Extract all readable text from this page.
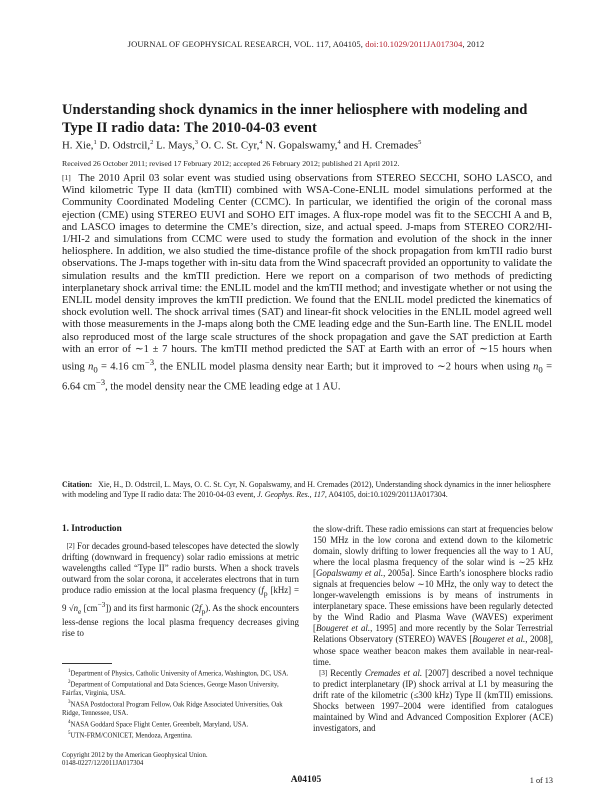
JOURNAL OF GEOPHYSICAL RESEARCH, VOL. 117, A04105, doi:10.1029/2011JA017304, 2012
Understanding shock dynamics in the inner heliosphere with modeling and Type II radio data: The 2010-04-03 event
H. Xie,$^1$ D. Odstrcil,$^2$ L. Mays,$^3$ O. C. St. Cyr,$^4$ N. Gopalswamy,$^4$ and H. Cremades$^5$
Received 26 October 2011; revised 17 February 2012; accepted 26 February 2012; published 21 April 2012.
[1] The 2010 April 03 solar event was studied using observations from STEREO SECCHI, SOHO LASCO, and Wind kilometric Type II data (kmTII) combined with WSA-Cone-ENLIL model simulations performed at the Community Coordinated Modeling Center (CCMC). In particular, we identified the origin of the coronal mass ejection (CME) using STEREO EUVI and SOHO EIT images. A flux-rope model was fit to the SECCHI A and B, and LASCO images to determine the CME’s direction, size, and actual speed. J-maps from STEREO COR2/HI-1/HI-2 and simulations from CCMC were used to study the formation and evolution of the shock in the inner heliosphere. In addition, we also studied the time-distance profile of the shock propagation from kmTII radio burst observations. The J-maps together with in-situ data from the Wind spacecraft provided an opportunity to validate the simulation results and the kmTII prediction. Here we report on a comparison of two methods of predicting interplanetary shock arrival time: the ENLIL model and the kmTII method; and investigate whether or not using the ENLIL model density improves the kmTII prediction. We found that the ENLIL model predicted the kinematics of shock evolution well. The shock arrival times (SAT) and linear-fit shock velocities in the ENLIL model agreed well with those measurements in the J-maps along both the CME leading edge and the Sun-Earth line. The ENLIL model also reproduced most of the large scale structures of the shock propagation and gave the SAT prediction at Earth with an error of ∼1 ± 7 hours. The kmTII method predicted the SAT at Earth with an error of ∼15 hours when using $n_0 = 4.16$ $cm^{-3}$, the ENLIL model plasma density near Earth; but it improved to ∼2 hours when using $n_0 = 6.64$ $cm^{-3}$, the model density near the CME leading edge at 1 AU.
Citation: Xie, H., D. Odstrcil, L. Mays, O. C. St. Cyr, N. Gopalswamy, and H. Cremades (2012), Understanding shock dynamics in the inner heliosphere with modeling and Type II radio data: The 2010-04-03 event, J. Geophys. Res., 117, A04105, doi:10.1029/2011JA017304.
1. Introduction
[2] For decades ground-based telescopes have detected the slowly drifting (downward in frequency) solar radio emissions at metric wavelengths called “Type II” radio bursts. When a shock travels outward from the solar corona, it accelerates electrons that in turn produce radio emission at the local plasma frequency ($f_p$ [kHz] = 9 $√n_e$ $[cm^{-3}]$) and its first harmonic $(2f_p)$. As the shock encounters less-dense regions the local plasma frequency decreases giving rise to

$^1$Department of Physics, Catholic University of America, Washington, DC, USA.

$^2$Department of Computational and Data Sciences, George Mason University, Fairfax, Virginia, USA.

$^3$NASA Postdoctoral Program Fellow, Oak Ridge Associated Universities, Oak Ridge, Tennessee, USA.

$^4$NASA Goddard Space Flight Center, Greenbelt, Maryland, USA.

$^5$UTN-FRM/CONICET, Mendoza, Argentina.

Copyright 2012 by the American Geophysical Union.
0148-0227/12/2011JA017304
the slow-drift. These radio emissions can start at frequencies below 150 MHz in the low corona and extend down to the kilometric domain, slowly drifting to lower frequencies all the way to 1 AU, where the local plasma frequency of the solar wind is ∼25 kHz [Gopalswamy et al., 2005a]. Since Earth’s ionosphere blocks radio signals at frequencies below ∼10 MHz, the only way to detect the longer-wavelength emissions is by means of instruments in interplanetary space. These emissions have been regularly detected by the Wind Radio and Plasma Wave (WAVES) experiment [Bougeret et al., 1995] and more recently by the Solar Terrestrial Relations Observatory (STEREO) WAVES [Bougeret et al., 2008], whose space weather beacon makes them available in near-real-time.
[3] Recently Cremades et al. [2007] described a novel technique to predict interplanetary (IP) shock arrival at L1 by measuring the drift rate of the kilometric (≤300 kHz) Type II (kmTII) emissions. Shocks between 1997–2004 were identified from catalogues maintained by Wind and Advanced Composition Explorer (ACE) investigators, and
A04105	1 of 13
